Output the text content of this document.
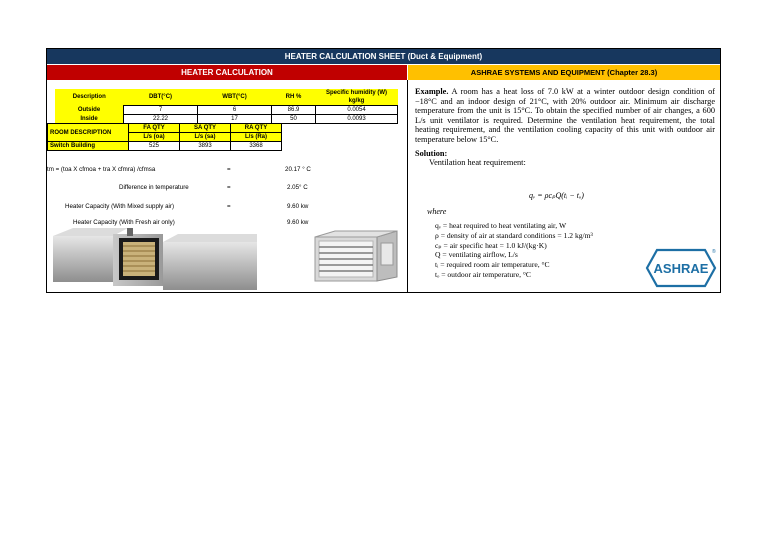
HEATER CALCULATION SHEET (Duct & Equipment)
HEATER CALCULATION	ASHRAE SYSTEMS AND EQUIPMENT (Chapter 28.3)
Description	DBT(°C)	WBT(°C)	RH %	Specific humidity (W) kg/kg
Outside	7	6	86.9	0.0054
Inside	22.22	17	50	0.0093
ROOM DESCRIPTION	FA QTY	SA QTY	RA QTY
	L/s (oa)	L/s (sa)	L/s (Ra)
Switch Building	525	3893	3368
tm = (toa X cfmoa + tra X cfmra) /cfmsa	=	20.17 ° C
Difference in temperature	=	2.05° C
Heater Capacity (With Mixed supply air)	=	9.60 kw
Heater Capacity (With Fresh air only)	9.60 kw
Example. A room has a heat loss of 7.0 kW at a winter outdoor design condition of −18°C and an indoor design of 21°C, with 20% outdoor air. Minimum air discharge temperature from the unit is 15°C. To obtain the specified number of air changes, a 600 L/s unit ventilator is required. Determine the ventilation heat requirement, the total heating requirement, and the ventilation cooling capacity of this unit with outdoor air temperature below 15°C.
Solution:
Ventilation heat requirement:
qᵥ = ρcₚQ(tᵢ − tₒ)
where
qᵥ = heat required to heat ventilating air, W
ρ = density of air at standard conditions = 1.2 kg/m³
cₚ = air specific heat = 1.0 kJ/(kg·K)
Q = ventilating airflow, L/s
tᵢ = required room air temperature, °C
tₒ = outdoor air temperature, °C	ASHRAE
®
